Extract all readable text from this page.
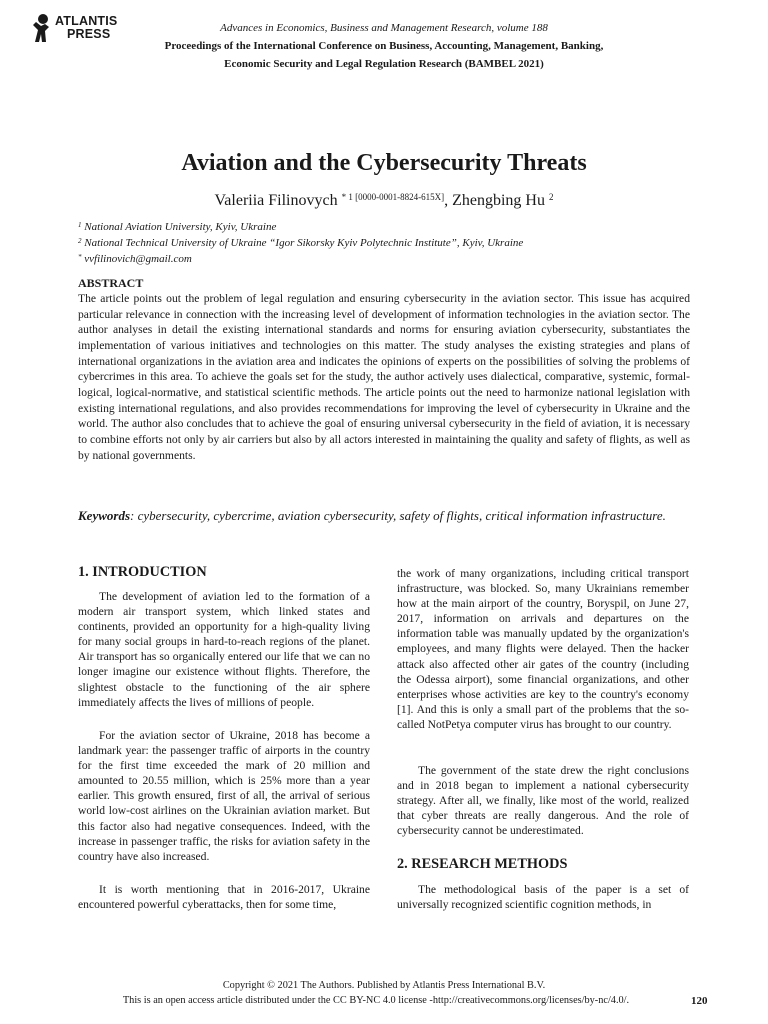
ATLANTIS
PRESS	Advances in Economics, Business and Management Research, volume 188
Proceedings of the International Conference on Business, Accounting, Management, Banking,
Economic Security and Legal Regulation Research (BAMBEL 2021)
Aviation and the Cybersecurity Threats
Valeriia Filinovych $^{* 1 [0000-0001-8824-615X]}$, Zhengbing Hu $^2$
$^1$ National Aviation University, Kyiv, Ukraine
$^2$ National Technical University of Ukraine “Igor Sikorsky Kyiv Polytechnic Institute”, Kyiv, Ukraine
* vvfilinovich@gmail.com
ABSTRACT
The article points out the problem of legal regulation and ensuring cybersecurity in the aviation sector. This issue has acquired particular relevance in connection with the increasing level of development of information technologies in the aviation sector. The author analyses in detail the existing international standards and norms for ensuring aviation cybersecurity, substantiates the implementation of various initiatives and technologies on this matter. The study analyses the existing strategies and plans of international organizations in the aviation area and indicates the opinions of experts on the possibilities of solving the problems of cybercrimes in this area. To achieve the goals set for the study, the author actively uses dialectical, comparative, systemic, formal-logical, logical-normative, and statistical scientific methods. The article points out the need to harmonize national legislation with existing international regulations, and also provides recommendations for improving the level of cybersecurity in Ukraine and the world. The author also concludes that to achieve the goal of ensuring universal cybersecurity in the field of aviation, it is necessary to combine efforts not only by air carriers but also by all actors interested in maintaining the quality and safety of flights, as well as by national governments.
Keywords: cybersecurity, cybercrime, aviation cybersecurity, safety of flights, critical information infrastructure.
1. INTRODUCTION
The development of aviation led to the formation of a modern air transport system, which linked states and continents, provided an opportunity for a high-quality living for many social groups in hard-to-reach regions of the planet. Air transport has so organically entered our life that we can no longer imagine our existence without flights. Therefore, the slightest obstacle to the functioning of the air sphere immediately affects the lives of millions of people.
For the aviation sector of Ukraine, 2018 has become a landmark year: the passenger traffic of airports in the country for the first time exceeded the mark of 20 million and amounted to 20.55 million, which is 25% more than a year earlier. This growth ensured, first of all, the arrival of serious world low-cost airlines on the Ukrainian aviation market. But this factor also had negative consequences. Indeed, with the increase in passenger traffic, the risks for aviation safety in the country have also increased.
It is worth mentioning that in 2016-2017, Ukraine encountered powerful cyberattacks, then for some time,
the work of many organizations, including critical transport infrastructure, was blocked. So, many Ukrainians remember how at the main airport of the country, Boryspil, on June 27, 2017, information on arrivals and departures on the information table was manually updated by the organization's employees, and many flights were delayed. Then the hacker attack also affected other air gates of the country (including the Odessa airport), some financial organizations, and other enterprises whose activities are key to the country's economy [1]. And this is only a small part of the problems that the so-called NotPetya computer virus has brought to our country.
The government of the state drew the right conclusions and in 2018 began to implement a national cybersecurity strategy. After all, we finally, like most of the world, realized that cyber threats are really dangerous. And the role of cybersecurity cannot be underestimated.
2. RESEARCH METHODS
The methodological basis of the paper is a set of universally recognized scientific cognition methods, in
Copyright © 2021 The Authors. Published by Atlantis Press International B.V.
This is an open access article distributed under the CC BY-NC 4.0 license -http://creativecommons.org/licenses/by-nc/4.0/.	120
